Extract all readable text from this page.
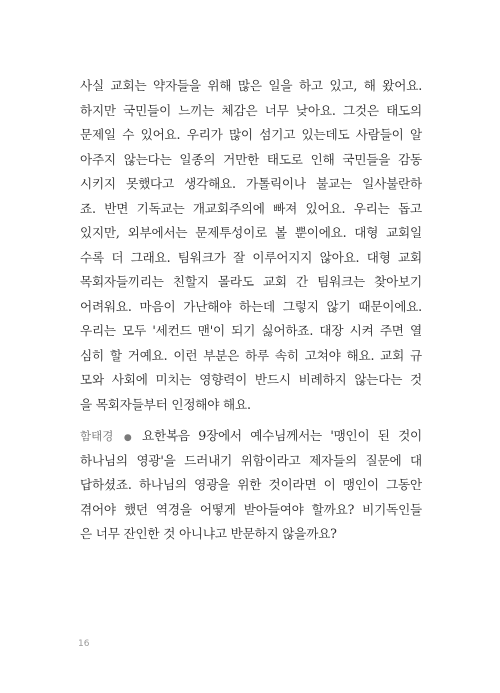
사실 교회는 약자들을 위해 많은 일을 하고 있고, 해 왔어요.
하지만 국민들이 느끼는 체감은 너무 낮아요. 그것은 태도의
문제일 수 있어요. 우리가 많이 섬기고 있는데도 사람들이 알
아주지 않는다는 일종의 거만한 태도로 인해 국민들을 감동
시키지 못했다고 생각해요. 가톨릭이나 불교는 일사불란하
죠. 반면 기독교는 개교회주의에 빠져 있어요. 우리는 돕고
있지만, 외부에서는 문제투성이로 볼 뿐이에요. 대형 교회일
수록 더 그래요. 팀워크가 잘 이루어지지 않아요. 대형 교회
목회자들끼리는 친할지 몰라도 교회 간 팀워크는 찾아보기
어려워요. 마음이 가난해야 하는데 그렇지 않기 때문이에요.
우리는 모두 '세컨드 맨'이 되기 싫어하죠. 대장 시켜 주면 열
심히 할 거예요. 이런 부분은 하루 속히 고쳐야 해요. 교회 규
모와 사회에 미치는 영향력이 반드시 비례하지 않는다는 것
을 목회자들부터 인정해야 해요.
함태경 ● 요한복음 9장에서 예수님께서는 '맹인이 된 것이
하나님의 영광'을 드러내기 위함이라고 제자들의 질문에 대
답하셨죠. 하나님의 영광을 위한 것이라면 이 맹인이 그동안
겪어야 했던 역경을 어떻게 받아들여야 할까요? 비기독인들
은 너무 잔인한 것 아니냐고 반문하지 않을까요?
16
